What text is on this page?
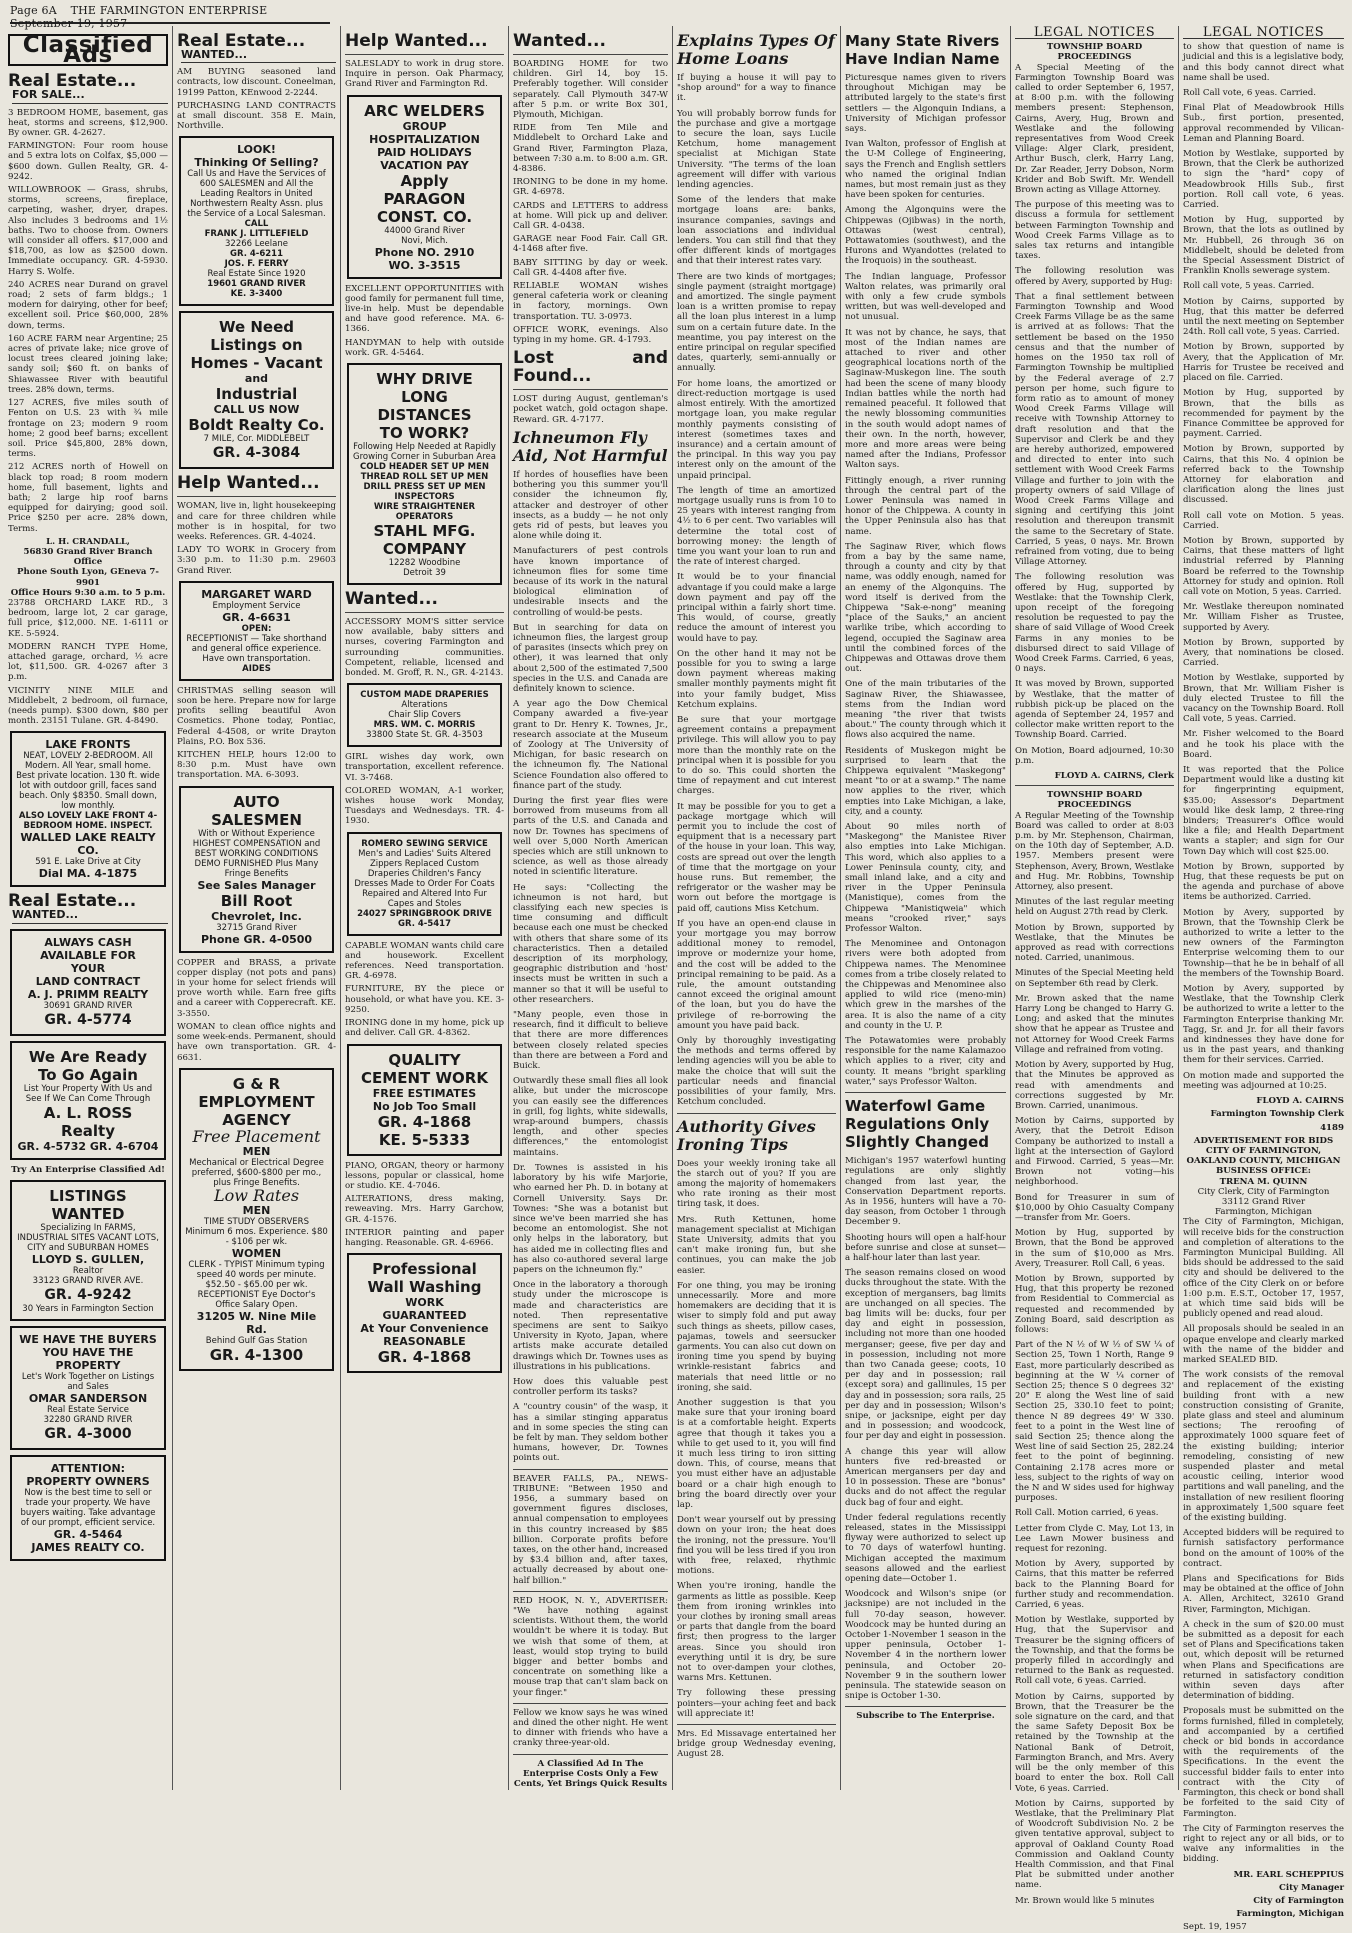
Page 6A THE FARMINGTON ENTERPRISE September 19, 1957
Classified Ads
Real Estate...
FOR SALE...

3 BEDROOM HOME, basement, gas heat, storms and screens, $12,900. By owner. GR. 4-2627.

FARMINGTON: Four room house and 5 extra lots on Colfax, $5,000 — $600 down. Gullen Realty, GR. 4-9242.

WILLOWBROOK — Grass, shrubs, storms, screens, fireplace, carpeting, washer, dryer, drapes. Also includes 3 bedrooms and 1½ baths. Two to choose from. Owners will consider all offers. $17,000 and $18,700, as low as $2500 down. Immediate occupancy. GR. 4-5930. Harry S. Wolfe.

240 ACRES near Durand on gravel road; 2 sets of farm bldgs.; 1 modern for dairying, other for beef; excellent soil. Price $60,000, 28% down, terms.

160 ACRE FARM near Argentine; 25 acres of private lake; nice grove of locust trees cleared joining lake; sandy soil; $60 ft. on banks of Shiawassee River with beautiful trees. 28% down, terms.

127 ACRES, five miles south of Fenton on U.S. 23 with ¾ mile frontage on 23; modern 9 room home; 2 good beef barns; excellent soil. Price $45,800, 28% down, terms.

212 ACRES north of Howell on black top road; 8 room modern home, full basement, lights and bath; 2 large hip roof barns equipped for dairying; good soil. Price $250 per acre. 28% down, Terms.

L. H. CRANDALL,
56830 Grand River Branch Office
Phone South Lyon, GEneva 7-9901
Office Hours 9:30 a.m. to 5 p.m.

23788 ORCHARD LAKE RD., 3 bedroom, large lot, 2 car garage, full price, $12,000. NE. 1-6111 or KE. 5-5924.

MODERN RANCH TYPE Home, attached garage, orchard, ½ acre lot, $11,500. GR. 4-0267 after 3 p.m.

VICINITY NINE MILE and Middlebelt, 2 bedroom, oil furnace, (needs pump). $300 down, $80 per month. 23151 Tulane. GR. 4-8490.

LAKE FRONTS
NEAT, LOVELY 2-BEDROOM. All Modern. All Year, small home. Best private location. 130 ft. wide lot with outdoor grill, faces sand beach. Only $8350. Small down, low monthly.
ALSO LOVELY LAKE FRONT 4-BEDROOM HOME. INSPECT.
WALLED LAKE REALTY CO.
591 E. Lake Drive at City
Dial MA. 4-1875
Real Estate...
WANTED...
ALWAYS CASH
AVAILABLE FOR
YOUR
LAND CONTRACT
A. J. PRIMM REALTY
30691 GRAND RIVER
GR. 4-5774
We Are Ready
To Go Again
List Your Property With Us and See If We Can Come Through
A. L. ROSS
Realty
GR. 4-5732 GR. 4-6704

Try An Enterprise Classified Ad!

LISTINGS
WANTED
Specializing In FARMS, INDUSTRIAL SITES VACANT LOTS, CITY and SUBURBAN HOMES
LLOYD S. GULLEN,
Realtor
33123 GRAND RIVER AVE.
GR. 4-9242
30 Years in Farmington Section
WE HAVE THE BUYERS
YOU HAVE THE PROPERTY
Let's Work Together on Listings and Sales
OMAR SANDERSON
Real Estate Service
32280 GRAND RIVER
GR. 4-3000
ATTENTION:
PROPERTY OWNERS
Now is the best time to sell or trade your property. We have buyers waiting. Take advantage of our prompt, efficient service.
GR. 4-5464
JAMES REALTY CO.
Real Estate...
WANTED...

AM BUYING seasoned land contracts, low discount. Coneelman, 19199 Patton, KEnwood 2-2244.

PURCHASING LAND CONTRACTS at small discount. 358 E. Main, Northville.

LOOK!
Thinking Of Selling?
Call Us and Have the Services of 600 SALESMEN and All the Leading Realtors in United Northwestern Realty Assn. plus the Service of a Local Salesman.
CALL
FRANK J. LITTLEFIELD
32266 Leelane
GR. 4-6211
JOS. F. FERRY
Real Estate Since 1920
19601 GRAND RIVER
KE. 3-3400
We Need
Listings on
Homes - Vacant
and
Industrial
CALL US NOW
Boldt Realty Co.
7 MILE, Cor. MIDDLEBELT
GR. 4-3084
Help Wanted...

WOMAN, live in, light housekeeping and care for three children while mother is in hospital, for two weeks. References. GR. 4-4024.

LADY TO WORK in Grocery from 3:30 p.m. to 11:30 p.m. 29603 Grand River.

MARGARET WARD
Employment Service
GR. 4-6631
OPEN:
RECEPTIONIST — Take shorthand and general office experience. Have own transportation.
AIDES

CHRISTMAS selling season will soon be here. Prepare now for large profits selling beautiful Avon Cosmetics. Phone today, Pontiac, Federal 4-4508, or write Drayton Plains, P.O. Box 536.

KITCHEN HELP, hours 12:00 to 8:30 p.m. Must have own transportation. MA. 6-3093.

AUTO
SALESMEN
With or Without Experience HIGHEST COMPENSATION and BEST WORKING CONDITIONS DEMO FURNISHED Plus Many Fringe Benefits
See Sales Manager
Bill Root
Chevrolet, Inc.
32715 Grand River
Phone GR. 4-0500

COPPER and BRASS, a private copper display (not pots and pans) in your home for select friends will prove worth while. Earn free gifts and a career with Copperecraft. KE. 3-3550.

WOMAN to clean office nights and some week-ends. Permanent, should have own transportation. GR. 4-6631.

G & R
EMPLOYMENT
AGENCY
Free Placement
MEN
Mechanical or Electrical Degree preferred, $600-$800 per mo., plus Fringe Benefits.
Low Rates
MEN
TIME STUDY OBSERVERS Minimum 6 mos. Experience. $80 - $106 per wk.
WOMEN
CLERK - TYPIST Minimum typing speed 40 words per minute. $52.50 - $65.00 per wk.
RECEPTIONIST Eye Doctor's Office Salary Open.
31205 W. Nine Mile Rd.
Behind Gulf Gas Station
GR. 4-1300
Help Wanted...

SALESLADY to work in drug store. Inquire in person. Oak Pharmacy, Grand River and Farmington Rd.

ARC WELDERS
GROUP
HOSPITALIZATION
PAID HOLIDAYS
VACATION PAY
Apply
PARAGON
CONST. CO.
44000 Grand River
Novi, Mich.
Phone NO. 2910
WO. 3-3515

EXCELLENT OPPORTUNITIES with good family for permanent full time, live-in help. Must be dependable and have good reference. MA. 6-1366.

HANDYMAN to help with outside work. GR. 4-5464.

WHY DRIVE
LONG
DISTANCES
TO WORK?
Following Help Needed at Rapidly Growing Corner in Suburban Area
COLD HEADER SET UP MEN
THREAD ROLL SET UP MEN
DRILL PRESS SET UP MEN
INSPECTORS
WIRE STRAIGHTENER OPERATORS
STAHL MFG.
COMPANY
12282 Woodbine
Detroit 39
Wanted...

ACCESSORY MOM'S sitter service now available, baby sitters and nurses, covering Farmington and surrounding communities. Competent, reliable, licensed and bonded. M. Groff, R. N., GR. 4-2143.

CUSTOM MADE DRAPERIES
Alterations
Chair Slip Covers
MRS. WM. C. MORRIS
33800 State St. GR. 4-3503

GIRL wishes day work, own transportation, excellent reference. VI. 3-7468.

COLORED WOMAN, A-1 worker, wishes house work Monday, Tuesdays and Wednesdays. TR. 4-1930.

ROMERO SEWING SERVICE
Men's and Ladies' Suits Altered Zippers Replaced Custom Draperies Children's Fancy Dresses Made to Order For Coats Repaired and Altered Into Fur Capes and Stoles
24027 SPRINGBROOK DRIVE
GR. 4-5417

CAPABLE WOMAN wants child care and housework. Excellent references. Need transportation. GR. 4-6978.

FURNITURE, BY the piece or household, or what have you. KE. 3-9250.

IRONING done in my home, pick up and deliver. Call GR. 4-8362.

QUALITY
CEMENT WORK
FREE ESTIMATES
No Job Too Small
GR. 4-1868
KE. 5-5333

PIANO, ORGAN, theory or harmony lessons, popular or classical, home or studio. KE. 4-7046.

ALTERATIONS, dress making, reweaving. Mrs. Harry Garchow, GR. 4-1576.

INTERIOR painting and paper hanging. Reasonable. GR. 4-6966.

Professional
Wall Washing
WORK
GUARANTEED
At Your Convenience
REASONABLE
GR. 4-1868
Wanted...

BOARDING HOME for two children. Girl 14, boy 15. Preferably together. Will consider separately. Call Plymouth 347-W after 5 p.m. or write Box 301, Plymouth, Michigan.

RIDE from Ten Mile and Middlebelt to Orchard Lake and Grand River, Farmington Plaza, between 7:30 a.m. to 8:00 a.m. GR. 4-8386.

IRONING to be done in my home. GR. 4-6978.

CARDS and LETTERS to address at home. Will pick up and deliver. Call GR. 4-0438.

GARAGE near Food Fair. Call GR. 4-1468 after five.

BABY SITTING by day or week. Call GR. 4-4408 after five.

RELIABLE WOMAN wishes general cafeteria work or cleaning in factory, mornings. Own transportation. TU. 3-0973.

OFFICE WORK, evenings. Also typing in my home. GR. 4-1793.

Lost and Found...

LOST during August, gentleman's pocket watch, gold octagon shape. Reward. GR. 4-7177.

Ichneumon Fly Aid, Not Harmful

If hordes of houseflies have been bothering you this summer you'll consider the ichneumon fly, attacker and destroyer of other insects, as a buddy — he not only gets rid of pests, but leaves you alone while doing it.

Manufacturers of pest controls have known importance of ichneumon flies for some time because of its work in the natural biological elimination of undesirable insects and the controlling of would-be pests.

But in searching for data on ichneumon flies, the largest group of parasites (insects which prey on other), it was learned that only about 2,500 of the estimated 7,500 species in the U.S. and Canada are definitely known to science.

A year ago the Dow Chemical Company awarded a five-year grant to Dr. Henry K. Townes, Jr., research associate at the Museum of Zoology at The University of Michigan, for basic research on the ichneumon fly. The National Science Foundation also offered to finance part of the study.

During the first year flies were borrowed from museums from all parts of the U.S. and Canada and now Dr. Townes has specimens of well over 5,000 North American species which are still unknown to science, as well as those already noted in scientific literature.

He says: "Collecting the ichneumon is not hard, but classifying each new species is time consuming and difficult because each one must be checked with others that share some of its characteristics. Then a detailed description of its morphology, geographic distribution and 'host' insects must be written in such a manner so that it will be useful to other researchers.

"Many people, even those in research, find it difficult to believe that there are more differences between closely related species than there are between a Ford and Buick.

Outwardly these small flies all look alike, but under the microscope you can easily see the differences in grill, fog lights, white sidewalls, wrap-around bumpers, chassis length, and other species differences," the entomologist maintains.

Dr. Townes is assisted in his laboratory by his wife Marjorie, who earned her Ph. D. in botany at Cornell University. Says Dr. Townes: "She was a botanist but since we've been married she has become an entomologist. She not only helps in the laboratory, but has aided me in collecting flies and has also co-authored several large papers on the ichneumon fly."

Once in the laboratory a thorough study under the microscope is made and characteristics are noted. Then representative specimens are sent to Saikyo University in Kyoto, Japan, where artists make accurate detailed drawings which Dr. Townes uses as illustrations in his publications.

How does this valuable pest controller perform its tasks?

A "country cousin" of the wasp, it has a similar stinging apparatus and in some species the sting can be felt by man. They seldom bother humans, however, Dr. Townes points out.

BEAVER FALLS, PA., NEWS-TRIBUNE: "Between 1950 and 1956, a summary based on government figures discloses, annual compensation to employees in this country increased by $85 billion. Corporate profits before taxes, on the other hand, increased by $3.4 billion and, after taxes, actually decreased by about one-half billion."

RED HOOK, N. Y., ADVERTISER: "We have nothing against scientists. Without them, the world wouldn't be where it is today. But we wish that some of them, at least, would stop trying to build bigger and better bombs and concentrate on something like a mouse trap that can't slam back on your finger."

Fellow we know says he was wined and dined the other night. He went to dinner with friends who have a cranky three-year-old.

A Classified Ad In The Enterprise Costs Only a Few Cents, Yet Brings Quick Results

Explains Types Of Home Loans

If buying a house it will pay to "shop around" for a way to finance it.

You will probably borrow funds for the purchase and give a mortgage to secure the loan, says Lucile Ketchum, home management specialist at Michigan State University. "The terms of the loan agreement will differ with various lending agencies.

Some of the lenders that make mortgage loans are: banks, insurance companies, savings and loan associations and individual lenders. You can still find that they offer different kinds of mortgages and that their interest rates vary.

There are two kinds of mortgages; single payment (straight mortgage) and amortized. The single payment loan is a written promise to repay all the loan plus interest in a lump sum on a certain future date. In the meantime, you pay interest on the entire principal on regular specified dates, quarterly, semi-annually or annually.

For home loans, the amortized or direct-reduction mortgage is used almost entirely. With the amortized mortgage loan, you make regular monthly payments consisting of interest (sometimes taxes and insurance) and a certain amount of the principal. In this way you pay interest only on the amount of the unpaid principal.

The length of time an amortized mortgage usually runs is from 10 to 25 years with interest ranging from 4½ to 6 per cent. Two variables will determine the total cost of borrowing money: the length of time you want your loan to run and the rate of interest charged.

It would be to your financial advantage if you could make a large down payment and pay off the principal within a fairly short time. This would, of course, greatly reduce the amount of interest you would have to pay.

On the other hand it may not be possible for you to swing a large down payment whereas making smaller monthly payments might fit into your family budget, Miss Ketchum explains.

Be sure that your mortgage agreement contains a prepayment privilege. This will allow you to pay more than the monthly rate on the principal when it is possible for you to do so. This could shorten the time of repayment and cut interest charges.

It may be possible for you to get a package mortgage which will permit you to include the cost of equipment that is a necessary part of the house in your loan. This way, costs are spread out over the length of time that the mortgage on your house runs. But remember, the refrigerator or the washer may be worn out before the mortgage is paid off, cautions Miss Ketchum.

If you have an open-end clause in your mortgage you may borrow additional money to remodel, improve or modernize your home, and the cost will be added to the principal remaining to be paid. As a rule, the amount outstanding cannot exceed the original amount of the loan, but you do have the privilege of re-borrowing the amount you have paid back.

Only by thoroughly investigating the methods and terms offered by lending agencies will you be able to make the choice that will suit the particular needs and financial possibilities of your family, Mrs. Ketchum concluded.

Authority Gives Ironing Tips

Does your weekly ironing take all the starch out of you? If you are among the majority of homemakers who rate ironing as their most tiring task, it does.

Mrs. Ruth Kettunen, home management specialist at Michigan State University, admits that you can't make ironing fun, but she continues, you can make the job easier.

For one thing, you may be ironing unnecessarily. More and more homemakers are deciding that it is wiser to simply fold and put away such things as sheets, pillow cases, pajamas, towels and seersucker garments. You can also cut down on ironing time you spend by buying wrinkle-resistant fabrics and materials that need little or no ironing, she said.

Another suggestion is that you make sure that your ironing board is at a comfortable height. Experts agree that though it takes you a while to get used to it, you will find it much less tiring to iron sitting down. This, of course, means that you must either have an adjustable board or a chair high enough to bring the board directly over your lap.

Don't wear yourself out by pressing down on your iron; the heat does the ironing, not the pressure. You'll find you will be less tired if you iron with free, relaxed, rhythmic motions.

When you're ironing, handle the garments as little as possible. Keep them from ironing wrinkles into your clothes by ironing small areas or parts that dangle from the board first; then progress to the larger areas. Since you should iron everything until it is dry, be sure not to over-dampen your clothes, warns Mrs. Kettunen.

Try following these pressing pointers—your aching feet and back will appreciate it!

Mrs. Ed Missavage entertained her bridge group Wednesday evening, August 28.

Many State Rivers Have Indian Name

Picturesque names given to rivers throughout Michigan may be attributed largely to the state's first settlers — the Algonquin Indians, a University of Michigan professor says.

Ivan Walton, professor of English at the U-M College of Engineering, says the French and English settlers who named the original Indian names, but most remain just as they have been spoken for centuries.

Among the Algonquins were the Chippewas (Ojibwas) in the north, Ottawas (west central), Pottawatomies (southwest), and the Hurons and Wyandottes (related to the Iroquois) in the southeast.

The Indian language, Professor Walton relates, was primarily oral with only a few crude symbols written, but was well-developed and not unusual.

It was not by chance, he says, that most of the Indian names are attached to river and other geographical locations north of the Saginaw-Muskegon line. The south had been the scene of many bloody Indian battles while the north had remained peaceful. It followed that the newly blossoming communities in the south would adopt names of their own. In the north, however, more and more areas were being named after the Indians, Professor Walton says.

Fittingly enough, a river running through the central part of the Lower Peninsula was named in honor of the Chippewa. A county in the Upper Peninsula also has that name.

The Saginaw River, which flows from a bay by the same name, through a county and city by that name, was oddly enough, named for an enemy of the Algonquins. The word itself is derived from the Chippewa "Sak-e-nong" meaning "place of the Sauks," an ancient warlike tribe, which according to legend, occupied the Saginaw area until the combined forces of the Chippewas and Ottawas drove them out.

One of the main tributaries of the Saginaw River, the Shiawassee, stems from the Indian word meaning "the river that twists about." The county through which it flows also acquired the name.

Residents of Muskegon might be surprised to learn that the Chippewa equivalent "Maskegong" meant "to or at a swamp." The name now applies to the river, which empties into Lake Michigan, a lake, city, and a county.

About 90 miles north of "Maskegong" the Manistee River also empties into Lake Michigan. This word, which also applies to a Lower Peninsula county, city, and small inland lake, and a city and river in the Upper Peninsula (Manistique), comes from the Chippewa "Manistiqweia" which means "crooked river," says Professor Walton.

The Menominee and Ontonagon rivers were both adopted from Chippewa names. The Menominee comes from a tribe closely related to the Chippewas and Menominee also applied to wild rice (meno-min) which grew in the marshes of the area. It is also the name of a city and county in the U. P.

The Potawatomies were probably responsible for the name Kalamazoo which applies to a river, city and county. It means "bright sparkling water," says Professor Walton.

Waterfowl Game Regulations Only Slightly Changed

Michigan's 1957 waterfowl hunting regulations are only slightly changed from last year, the Conservation Department reports. As in 1956, hunters will have a 70-day season, from October 1 through December 9.

Shooting hours will open a half-hour before sunrise and close at sunset—a half-hour later than last year.

The season remains closed on wood ducks throughout the state. With the exception of mergansers, bag limits are unchanged on all species. The bag limits will be: ducks, four per day and eight in possession, including not more than one hooded merganser; geese, five per day and in possession, including not more than two Canada geese; coots, 10 per day and in possession; rail (except sora) and gallinules, 15 per day and in possession; sora rails, 25 per day and in possession; Wilson's snipe, or jacksnipe, eight per day and in possession; and woodcock, four per day and eight in possession.

A change this year will allow hunters five red-breasted or American mergansers per day and 10 in possession. These are "bonus" ducks and do not affect the regular duck bag of four and eight.

Under federal regulations recently released, states in the Mississippi flyway were authorized to select up to 70 days of waterfowl hunting. Michigan accepted the maximum seasons allowed and the earliest opening date—October 1.

Woodcock and Wilson's snipe (or jacksnipe) are not included in the full 70-day season, however. Woodcock may be hunted during an October 1-November 1 season in the upper peninsula, October 1-November 4 in the northern lower peninsula, and October 20-November 9 in the southern lower peninsula. The statewide season on snipe is October 1-30.

Subscribe to The Enterprise.

LEGAL NOTICES
TOWNSHIP BOARD PROCEEDINGS

A Special Meeting of the Farmington Township Board was called to order September 6, 1957, at 8:00 p.m. with the following members present: Stephenson, Cairns, Avery, Hug, Brown and Westlake and the following representatives from Wood Creek Village: Alger Clark, president, Arthur Busch, clerk, Harry Lang, Dr. Zar Reader, Jerry Dobson, Norm Krider and Bob Swift. Mr. Wendell Brown acting as Village Attorney.

The purpose of this meeting was to discuss a formula for settlement between Farmington Township and Wood Creek Farms Village as to sales tax returns and intangible taxes.

The following resolution was offered by Avery, supported by Hug:

That a final settlement between Farmington Township and Wood Creek Farms Village be as the same is arrived at as follows: That the settlement be based on the 1950 census and that the number of homes on the 1950 tax roll of Farmington Township be multiplied by the Federal average of 2.7 person per home, such figure to form ratio as to amount of money Wood Creek Farms Village will receive with Township Attorney to draft resolution and that the Supervisor and Clerk be and they are hereby authorized, empowered and directed to enter into such settlement with Wood Creek Farms Village and further to join with the property owners of said Village of Wood Creek Farms Village and signing and certifying this joint resolution and thereupon transmit the same to the Secretary of State. Carried, 5 yeas, 0 nays. Mr. Brown refrained from voting, due to being Village Attorney.

The following resolution was offered by Hug, supported by Westlake: that the Township Clerk, upon receipt of the foregoing resolution be requested to pay the share of said Village of Wood Creek Farms in any monies to be disbursed direct to said Village of Wood Creek Farms. Carried, 6 yeas, 0 nays.

It was moved by Brown, supported by Westlake, that the matter of rubbish pick-up be placed on the agenda of September 24, 1957 and collector make written report to the Township Board. Carried.

On Motion, Board adjourned, 10:30 p.m.

FLOYD A. CAIRNS, Clerk

TOWNSHIP BOARD PROCEEDINGS

A Regular Meeting of the Township Board was called to order at 8:03 p.m. by Mr. Stephenson, Chairman, on the 10th day of September, A.D. 1957. Members present were Stephenson, Avery, Brown, Westlake and Hug. Mr. Robbins, Township Attorney, also present.

Minutes of the last regular meeting held on August 27th read by Clerk.

Motion by Brown, supported by Westlake, that the Minutes be approved as read with corrections noted. Carried, unanimous.

Minutes of the Special Meeting held on September 6th read by Clerk.

Mr. Brown asked that the name Harry Long be changed to Harry G. Long; and asked that the minutes show that he appear as Trustee and not Attorney for Wood Creek Farms Village and refrained from voting.

Motion by Avery, supported by Hug, that the Minutes be approved as read with amendments and corrections suggested by Mr. Brown. Carried, unanimous.

Motion by Cairns, supported by Avery, that the Detroit Edison Company be authorized to install a light at the intersection of Gaylord and Firwood. Carried, 5 yeas—Mr. Brown not voting—his neighborhood.

Bond for Treasurer in sum of $10,000 by Ohio Casualty Company—transfer from Mr. Goers.

Motion by Hug, supported by Brown, that the Bond be approved in the sum of $10,000 as Mrs. Avery, Treasurer. Roll Call, 6 yeas.

Motion by Brown, supported by Hug, that this property be rezoned from Residential to Commercial as requested and recommended by Zoning Board, said description as follows:

Part of the N ½ of W ½ of SW ¼ of Section 25, Town 1 North, Range 9 East, more particularly described as beginning at the W ¼ corner of Section 25; thence S 0 degrees 32' 20" E along the West line of said Section 25, 330.10 feet to point; thence N 89 degrees 49' W 330. feet to a point in the West line of said Section 25; thence along the West line of said Section 25, 282.24 feet to the point of beginning. Containing 2.178 acres more or less, subject to the rights of way on the N and W sides used for highway purposes.

Roll Call. Motion carried, 6 yeas.

Letter from Clyde C. May, Lot 13, in Lee Lawn Mower business and request for rezoning.

Motion by Avery, supported by Cairns, that this matter be referred back to the Planning Board for further study and recommendation. Carried, 6 yeas.

Motion by Westlake, supported by Hug, that the Supervisor and Treasurer be the signing officers of the Township, and that the forms be properly filled in accordingly and returned to the Bank as requested. Roll call vote, 6 yeas. Carried.

Motion by Cairns, supported by Brown, that the Treasurer be the sole signature on the card, and that the same Safety Deposit Box be retained by the Township at the National Bank of Detroit, Farmington Branch, and Mrs. Avery will be the only member of this board to enter the box. Roll Call Vote, 6 yeas. Carried.

Motion by Cairns, supported by Westlake, that the Preliminary Plat of Woodcroft Subdivision No. 2 be given tentative approval, subject to approval of Oakland County Road Commission and Oakland County Health Commission, and that Final Plat be submitted under another name.

Mr. Brown would like 5 minutes

LEGAL NOTICES

to show that question of name is judicial and this is a legislative body, and this body cannot direct what name shall be used.

Roll Call vote, 6 yeas. Carried.

Final Plat of Meadowbrook Hills Sub., first portion, presented, approval recommended by Vilican-Leman and Planning Board.

Motion by Westlake, supported by Brown, that the Clerk be authorized to sign the "hard" copy of Meadowbrook Hills Sub., first portion. Roll call vote, 6 yeas. Carried.

Motion by Hug, supported by Brown, that the lots as outlined by Mr. Hubbell, 26 through 36 on Middlebelt, should be deleted from the Special Assessment District of Franklin Knolls sewerage system.

Roll call vote, 5 yeas. Carried.

Motion by Cairns, supported by Hug, that this matter be deferred until the next meeting on September 24th. Roll call vote, 5 yeas. Carried.

Motion by Brown, supported by Avery, that the Application of Mr. Harris for Trustee be received and placed on file. Carried.

Motion by Hug, supported by Brown, that the bills as recommended for payment by the Finance Committee be approved for payment. Carried.

Motion by Brown, supported by Cairns, that this No. 4 opinion be referred back to the Township Attorney for elaboration and clarification along the lines just discussed.

Roll call vote on Motion. 5 yeas. Carried.

Motion by Brown, supported by Cairns, that these matters of light industrial referred by Planning Board be referred to the Township Attorney for study and opinion. Roll call vote on Motion, 5 yeas. Carried.

Mr. Westlake thereupon nominated Mr. William Fisher as Trustee, supported by Avery.

Motion by Brown, supported by Avery, that nominations be closed. Carried.

Motion by Westlake, supported by Brown, that Mr. William Fisher is duly elected Trustee to fill the vacancy on the Township Board. Roll Call vote, 5 yeas. Carried.

Mr. Fisher welcomed to the Board and he took his place with the Board.

It was reported that the Police Department would like a dusting kit for fingerprinting equipment, $35.00; Assessor's Department would like desk lamp, 2 three-ring binders; Treasurer's Office would like a file; and Health Department wants a stapler; and sign for Our Town Day which will cost $25.00.

Motion by Brown, supported by Hug, that these requests be put on the agenda and purchase of above items be authorized. Carried.

Motion by Avery, supported by Brown, that the Township Clerk be authorized to write a letter to the new owners of the Farmington Enterprise welcoming them to our Township—that he be in behalf of all the members of the Township Board.

Motion by Avery, supported by Westlake, that the Township Clerk be authorized to write a letter to the Farmington Enterprise thanking Mr. Tagg, Sr. and Jr. for all their favors and kindnesses they have done for us in the past years, and thanking them for their services. Carried.

On motion made and supported the meeting was adjourned at 10:25.

FLOYD A. CAIRNS

Farmington Township Clerk

4189

ADVERTISEMENT FOR BIDS
CITY OF FARMINGTON,
OAKLAND COUNTY, MICHIGAN
BUSINESS OFFICE:
TRENA M. QUINN
City Clerk, City of Farmington
33112 Grand River
Farmington, Michigan

The City of Farmington, Michigan, will receive bids for the construction and completion of alterations to the Farmington Municipal Building. All bids should be addressed to the said city and should be delivered to the office of the City Clerk on or before 1:00 p.m. E.S.T., October 17, 1957, at which time said bids will be publicly opened and read aloud.

All proposals should be sealed in an opaque envelope and clearly marked with the name of the bidder and marked SEALED BID.

The work consists of the removal and replacement of the existing building front with a new construction consisting of Granite, plate glass and steel and aluminum sections; The reroofing of approximately 1000 square feet of the existing building; interior remodeling, consisting of new suspended plaster and metal acoustic ceiling, interior wood partitions and wall paneling, and the installation of new resilient flooring in approximately 1,500 square feet of the existing building.

Accepted bidders will be required to furnish satisfactory performance bond on the amount of 100% of the contract.

Plans and Specifications for Bids may be obtained at the office of John A. Allen, Architect, 32610 Grand River, Farmington, Michigan.

A check in the sum of $20.00 must be submitted as a deposit for each set of Plans and Specifications taken out, which deposit will be returned when Plans and Specifications are returned in satisfactory condition within seven days after determination of bidding.

Proposals must be submitted on the forms furnished, filled in completely, and accompanied by a certified check or bid bonds in accordance with the requirements of the Specifications. In the event the successful bidder fails to enter into contract with the City of Farmington, this check or bond shall be forfeited to the said City of Farmington.

The City of Farmington reserves the right to reject any or all bids, or to waive any informalities in the bidding.

MR. EARL SCHEPPIUS

City Manager

City of Farmington

Farmington, Michigan

Sept. 19, 1957
